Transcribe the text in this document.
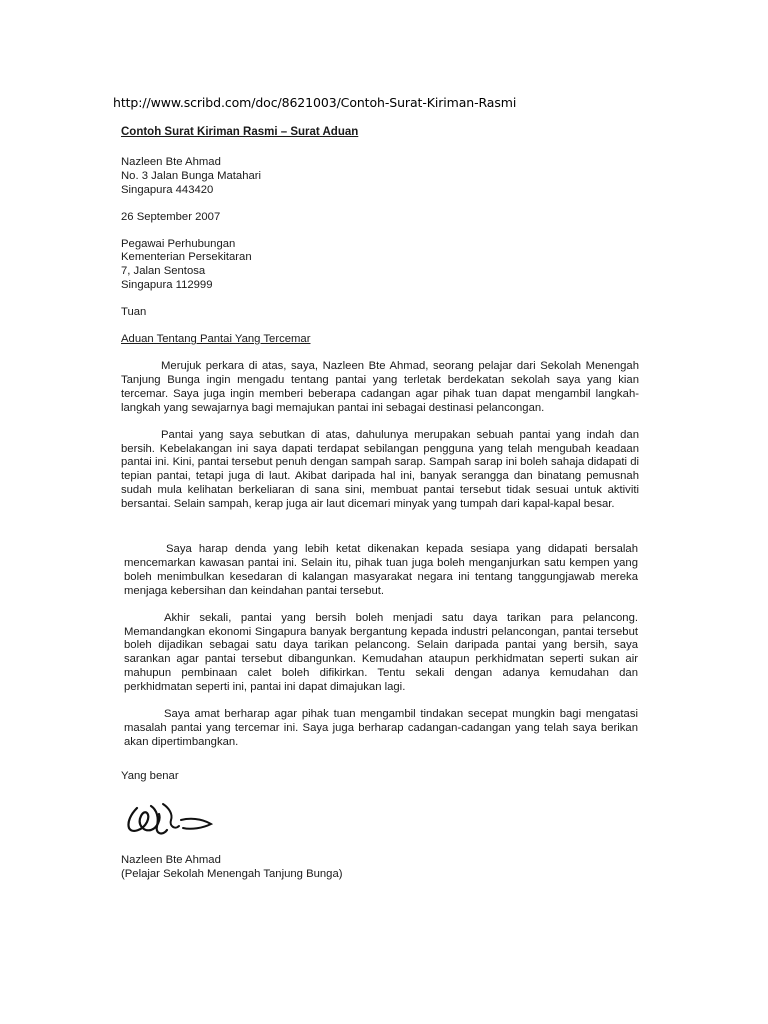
http://www.scribd.com/doc/8621003/Contoh-Surat-Kiriman-Rasmi
Contoh Surat Kiriman Rasmi – Surat Aduan
Nazleen Bte Ahmad
No. 3 Jalan Bunga Matahari
Singapura 443420
26 September 2007
Pegawai Perhubungan
Kementerian Persekitaran
7, Jalan Sentosa
Singapura 112999
Tuan
Aduan Tentang Pantai Yang Tercemar

Merujuk perkara di atas, saya, Nazleen Bte Ahmad, seorang pelajar dari Sekolah Menengah Tanjung Bunga ingin mengadu tentang pantai yang terletak berdekatan sekolah saya yang kian tercemar. Saya juga ingin memberi beberapa cadangan agar pihak tuan dapat mengambil langkah-langkah yang sewajarnya bagi memajukan pantai ini sebagai destinasi pelancongan.

Pantai yang saya sebutkan di atas, dahulunya merupakan sebuah pantai yang indah dan bersih. Kebelakangan ini saya dapati terdapat sebilangan pengguna yang telah mengubah keadaan pantai ini. Kini, pantai tersebut penuh dengan sampah sarap. Sampah sarap ini boleh sahaja didapati di tepian pantai, tetapi juga di laut. Akibat daripada hal ini, banyak serangga dan binatang pemusnah sudah mula kelihatan berkeliaran di sana sini, membuat pantai tersebut tidak sesuai untuk aktiviti bersantai. Selain sampah, kerap juga air laut dicemari minyak yang tumpah dari kapal-kapal besar.

Saya harap denda yang lebih ketat dikenakan kepada sesiapa yang didapati bersalah mencemarkan kawasan pantai ini. Selain itu, pihak tuan juga boleh menganjurkan satu kempen yang boleh menimbulkan kesedaran di kalangan masyarakat negara ini tentang tanggungjawab mereka menjaga kebersihan dan keindahan pantai tersebut.

Akhir sekali, pantai yang bersih boleh menjadi satu daya tarikan para pelancong. Memandangkan ekonomi Singapura banyak bergantung kepada industri pelancongan, pantai tersebut boleh dijadikan sebagai satu daya tarikan pelancong. Selain daripada pantai yang bersih, saya sarankan agar pantai tersebut dibangunkan. Kemudahan ataupun perkhidmatan seperti sukan air mahupun pembinaan calet boleh difikirkan. Tentu sekali dengan adanya kemudahan dan perkhidmatan seperti ini, pantai ini dapat dimajukan lagi.

Saya amat berharap agar pihak tuan mengambil tindakan secepat mungkin bagi mengatasi masalah pantai yang tercemar ini. Saya juga berharap cadangan-cadangan yang telah saya berikan akan dipertimbangkan.

Yang benar
Nazleen Bte Ahmad
(Pelajar Sekolah Menengah Tanjung Bunga)
